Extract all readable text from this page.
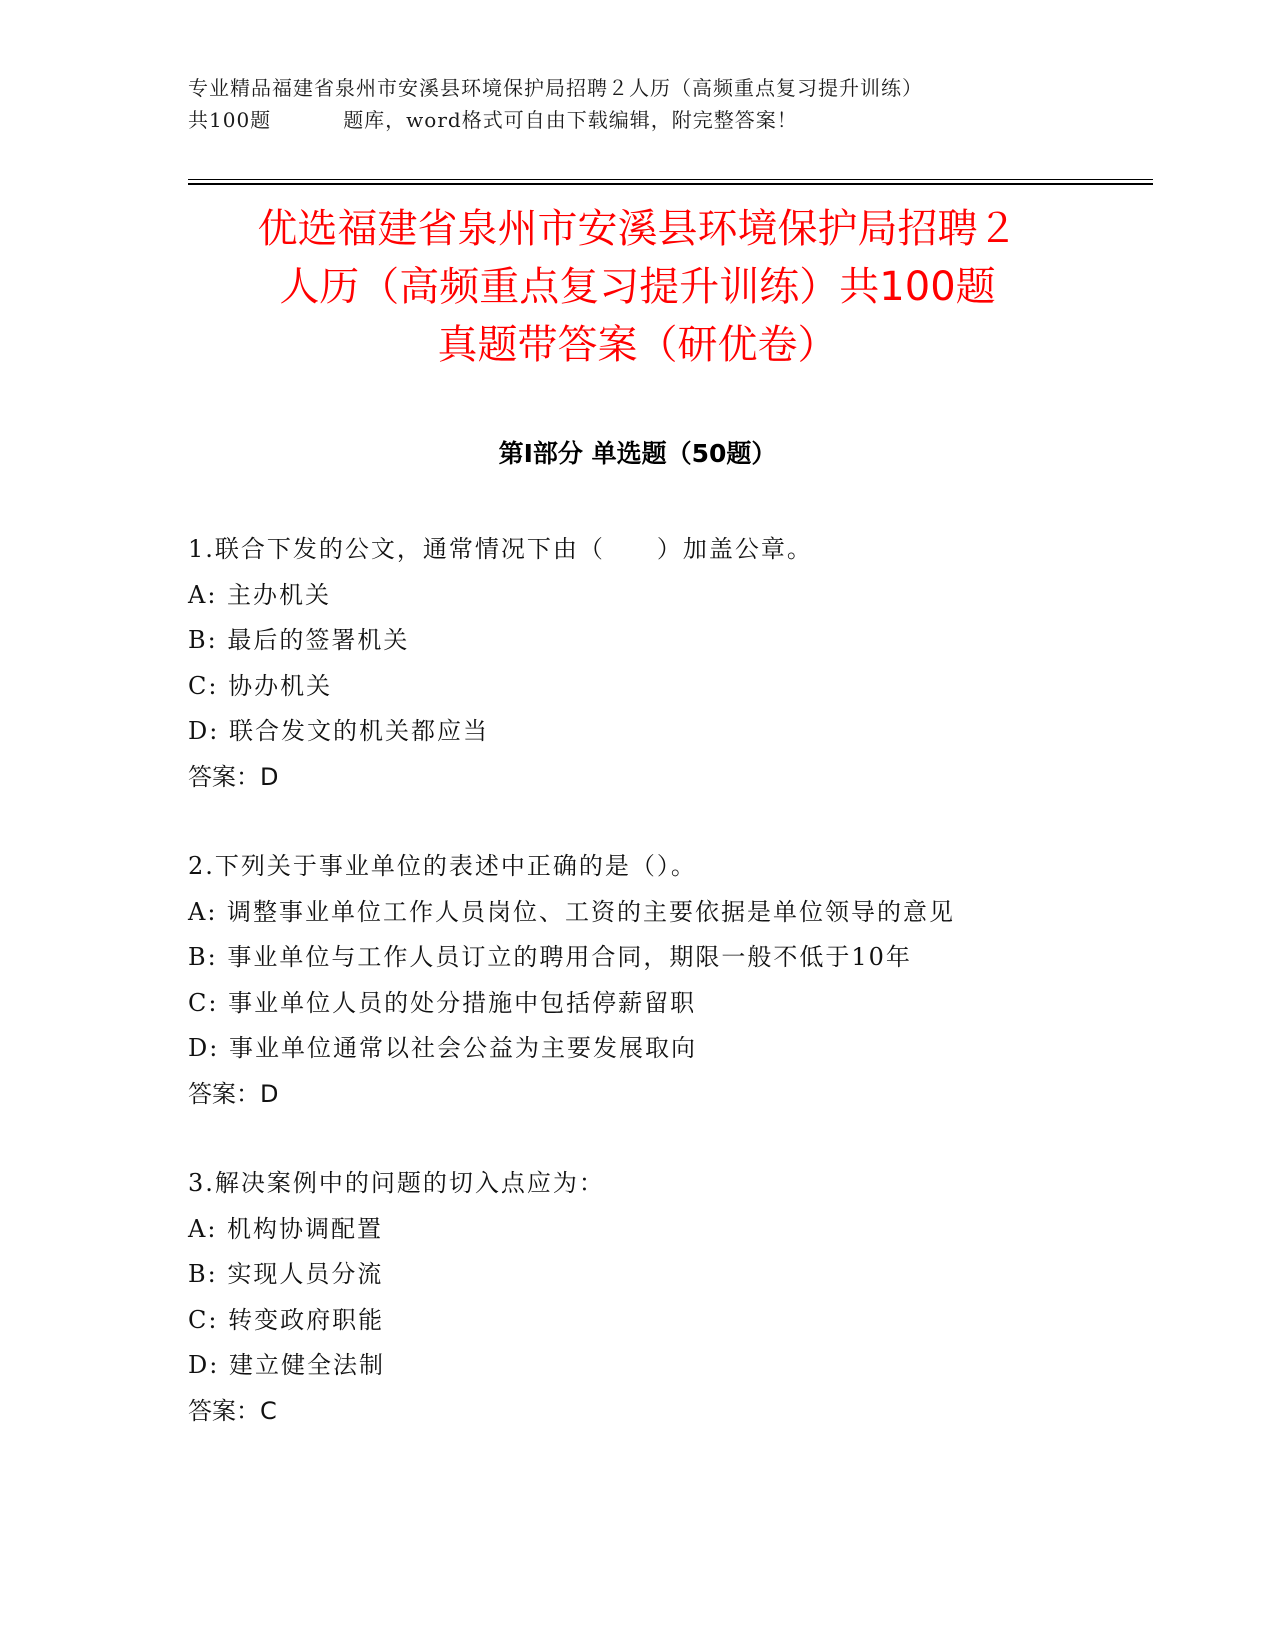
专业精品福建省泉州市安溪县环境保护局招聘２人历（高频重点复习提升训练）
共100题	题库，word格式可自由下载编辑，附完整答案！
优选福建省泉州市安溪县环境保护局招聘２
人历（高频重点复习提升训练）共100题
真题带答案（研优卷）
第Ⅰ部分 单选题（50题）
1.联合下发的公文，通常情况下由（　　）加盖公章。
A: 主办机关
B: 最后的签署机关
C: 协办机关
D: 联合发文的机关都应当
答案：D
2.下列关于事业单位的表述中正确的是（）。
A: 调整事业单位工作人员岗位、工资的主要依据是单位领导的意见
B: 事业单位与工作人员订立的聘用合同，期限一般不低于10年
C: 事业单位人员的处分措施中包括停薪留职
D: 事业单位通常以社会公益为主要发展取向
答案：D
3.解决案例中的问题的切入点应为：
A: 机构协调配置
B: 实现人员分流
C: 转变政府职能
D: 建立健全法制
答案：C
